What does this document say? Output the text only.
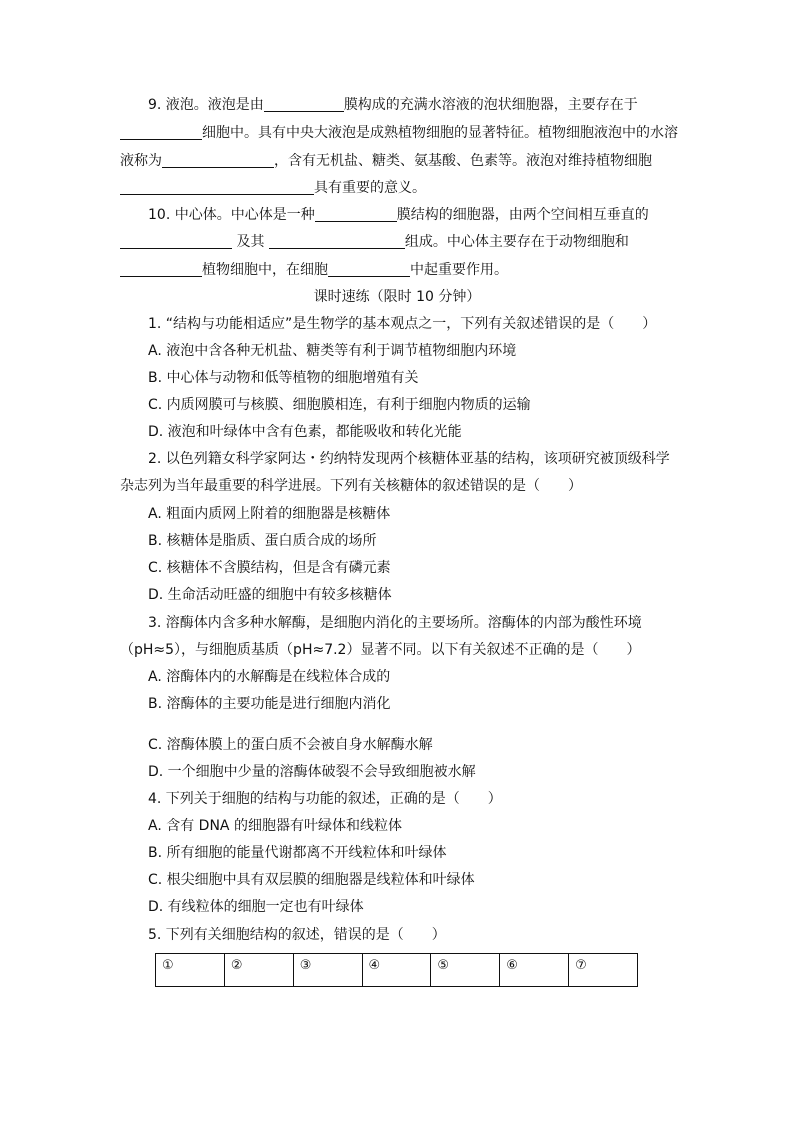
9. 液泡。液泡是由	膜构成的充满水溶液的泡状细胞器，主要存在于
细胞中。具有中央大液泡是成熟植物细胞的显著特征。植物细胞液泡中的水溶
液称为	，含有无机盐、糖类、氨基酸、色素等。液泡对维持植物细胞
具有重要的意义。
10. 中心体。中心体是一种	膜结构的细胞器，由两个空间相互垂直的
及其	组成。中心体主要存在于动物细胞和
植物细胞中，在细胞	中起重要作用。
课时速练（限时 10 分钟）
1. “结构与功能相适应”是生物学的基本观点之一，下列有关叙述错误的是（　　）
A. 液泡中含各种无机盐、糖类等有利于调节植物细胞内环境
B. 中心体与动物和低等植物的细胞增殖有关
C. 内质网膜可与核膜、细胞膜相连，有利于细胞内物质的运输
D. 液泡和叶绿体中含有色素，都能吸收和转化光能
2. 以色列籍女科学家阿达・约纳特发现两个核糖体亚基的结构，该项研究被顶级科学
杂志列为当年最重要的科学进展。下列有关核糖体的叙述错误的是（　　）
A. 粗面内质网上附着的细胞器是核糖体
B. 核糖体是脂质、蛋白质合成的场所
C. 核糖体不含膜结构，但是含有磷元素
D. 生命活动旺盛的细胞中有较多核糖体
3. 溶酶体内含多种水解酶，是细胞内消化的主要场所。溶酶体的内部为酸性环境
（pH≈5），与细胞质基质（pH≈7.2）显著不同。以下有关叙述不正确的是（　　）
A. 溶酶体内的水解酶是在线粒体合成的
B. 溶酶体的主要功能是进行细胞内消化
C. 溶酶体膜上的蛋白质不会被自身水解酶水解
D. 一个细胞中少量的溶酶体破裂不会导致细胞被水解
4. 下列关于细胞的结构与功能的叙述，正确的是（　　）
A. 含有 DNA 的细胞器有叶绿体和线粒体
B. 所有细胞的能量代谢都离不开线粒体和叶绿体
C. 根尖细胞中具有双层膜的细胞器是线粒体和叶绿体
D. 有线粒体的细胞一定也有叶绿体
5. 下列有关细胞结构的叙述，错误的是（　　）
①	②	③	④	⑤	⑥	⑦
